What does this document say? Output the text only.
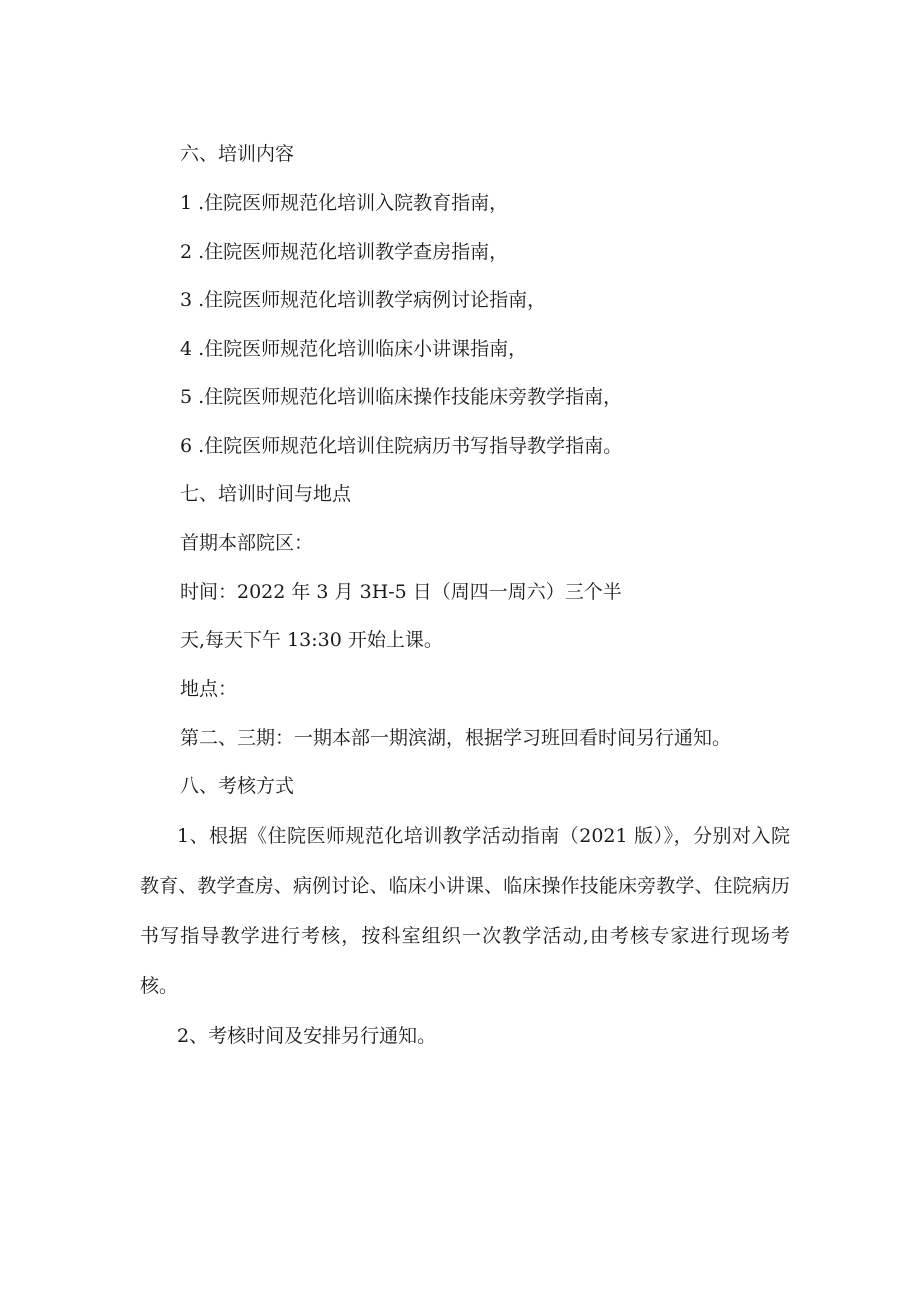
六、培训内容
1 .住院医师规范化培训入院教育指南，
2 .住院医师规范化培训教学查房指南，
3 .住院医师规范化培训教学病例讨论指南，
4 .住院医师规范化培训临床小讲课指南，
5 .住院医师规范化培训临床操作技能床旁教学指南，
6 .住院医师规范化培训住院病历书写指导教学指南。
七、培训时间与地点
首期本部院区：
时间：2022 年 3 月 3H-5 日（周四一周六）三个半
天,每天下午 13:30 开始上课。
地点：
第二、三期：一期本部一期滨湖，根据学习班回看时间另行通知。
八、考核方式
1、根据《住院医师规范化培训教学活动指南（2021 版）》，分别对入院教育、教学查房、病例讨论、临床小讲课、临床操作技能床旁教学、住院病历书写指导教学进行考核，按科室组织一次教学活动,由考核专家进行现场考核。
2、考核时间及安排另行通知。
